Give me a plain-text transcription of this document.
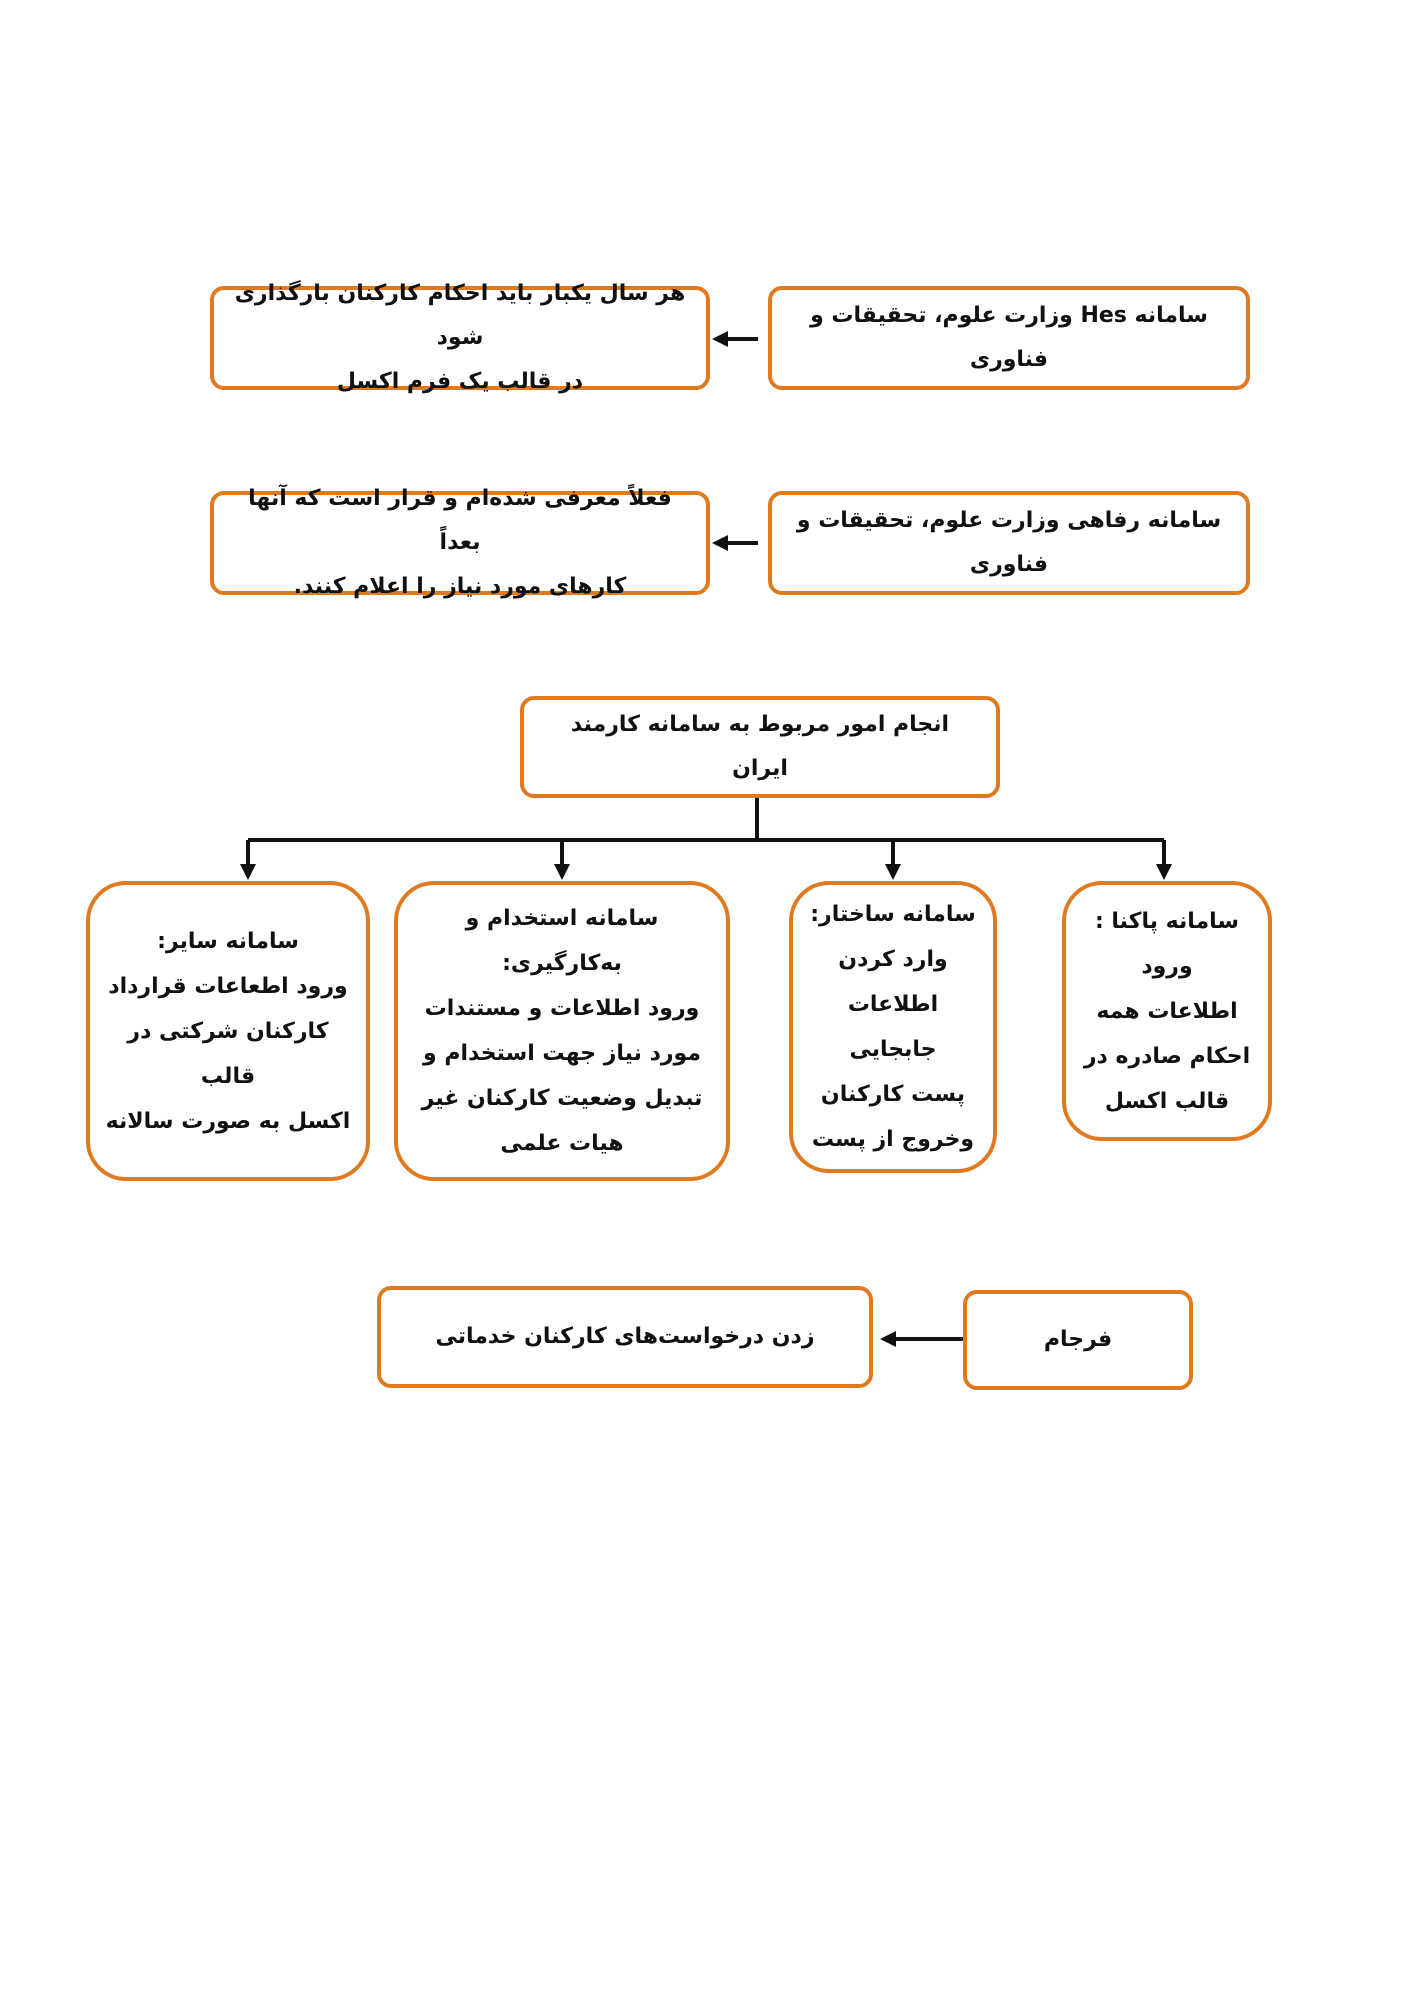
سامانه Hes وزارت علوم، تحقیقات و فناوری
هر سال یکبار باید احکام کارکنان بارگذاری شود
در قالب یک فرم اکسل
سامانه رفاهی وزارت علوم، تحقیقات و فناوری
فعلاً معرفی شده‌ام و قرار است که آنها بعداً
کارهای مورد نیاز را اعلام کنند.
انجام امور مربوط به سامانه کارمند ایران
سامانه پاکنا : ورود
اطلاعات همه
احکام صادره در
قالب اکسل
سامانه ساختار:
وارد کردن
اطلاعات جابجایی
پست کارکنان
وخروج از پست
سامانه استخدام و به‌کارگیری:
ورود اطلاعات و مستندات
مورد نیاز جهت استخدام و
تبدیل وضعیت کارکنان غیر
هیات علمی
سامانه سایر:
ورود اطعاعات قرارداد
کارکنان شرکتی در قالب
اکسل به صورت سالانه
فرجام
زدن درخواست‌های کارکنان خدماتی
